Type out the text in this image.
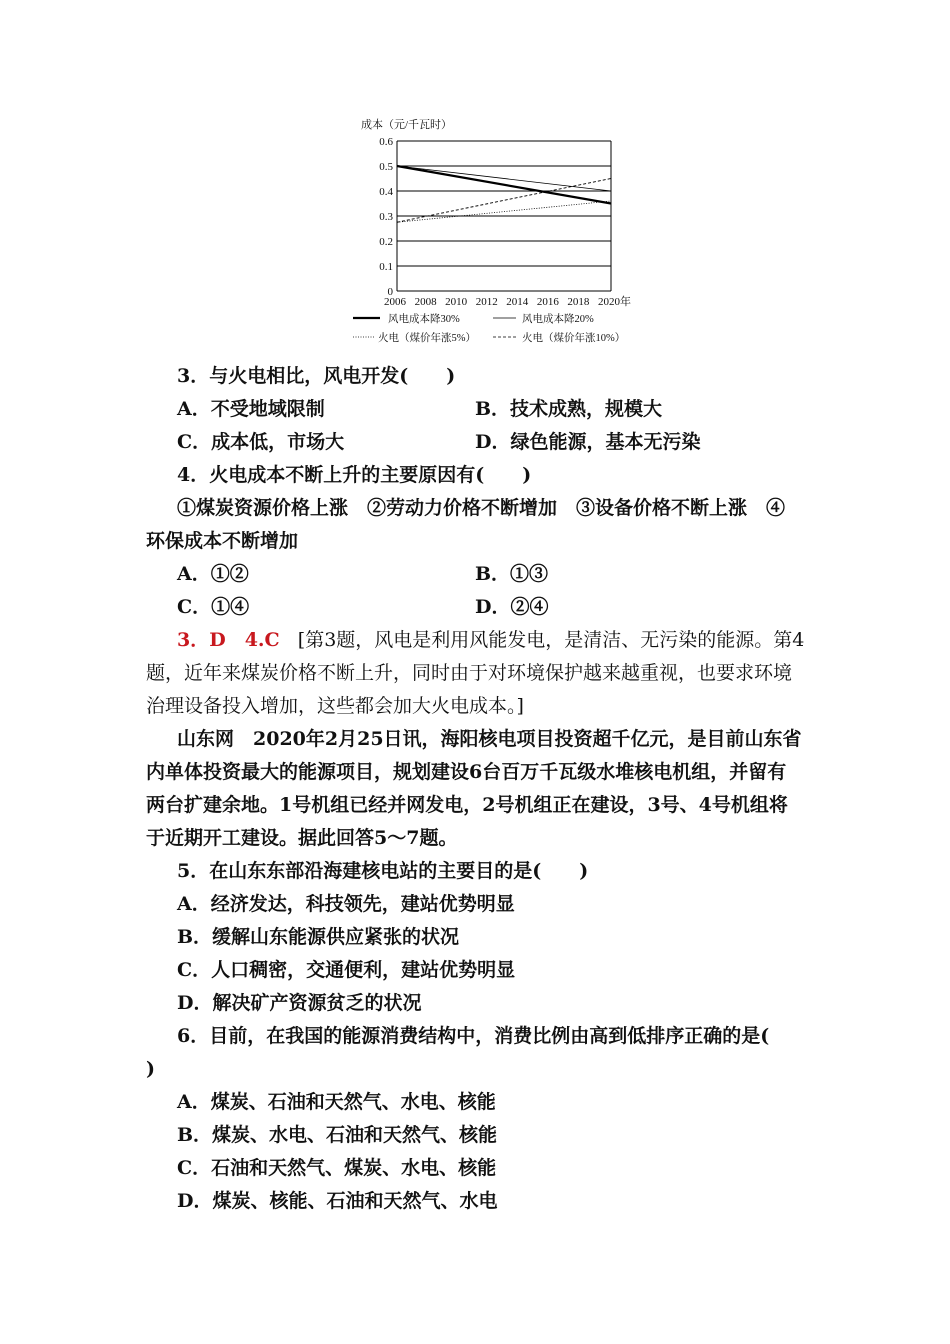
成本（元/千瓦时）
0
0.1
0.2
0.3
0.4
0.5
0.6
2006 2008 2010 2012 2014 2016 2018 2020年
风电成本降30%	风电成本降20%
火电（煤价年涨5%）	火电（煤价年涨10%）
3．与火电相比，风电开发(　　)
A．不受地域限制	B．技术成熟，规模大
C．成本低，市场大	D．绿色能源，基本无污染
4．火电成本不断上升的主要原因有(　　)
①煤炭资源价格上涨　②劳动力价格不断增加　③设备价格不断上涨　④
环保成本不断增加
A．①②	B．①③
C．①④	D．②④
3．D　4.C [第3题，风电是利用风能发电，是清洁、无污染的能源。第4
题，近年来煤炭价格不断上升，同时由于对环境保护越来越重视，也要求环境
治理设备投入增加，这些都会加大火电成本。]
山东网　2020年2月25日讯，海阳核电项目投资超千亿元，是目前山东省
内单体投资最大的能源项目，规划建设6台百万千瓦级水堆核电机组，并留有
两台扩建余地。1号机组已经并网发电，2号机组正在建设，3号、4号机组将
于近期开工建设。据此回答5～7题。
5．在山东东部沿海建核电站的主要目的是(　　)
A．经济发达，科技领先，建站优势明显
B．缓解山东能源供应紧张的状况
C．人口稠密，交通便利，建站优势明显
D．解决矿产资源贫乏的状况
6．目前，在我国的能源消费结构中，消费比例由高到低排序正确的是(
)
A．煤炭、石油和天然气、水电、核能
B．煤炭、水电、石油和天然气、核能
C．石油和天然气、煤炭、水电、核能
D．煤炭、核能、石油和天然气、水电
